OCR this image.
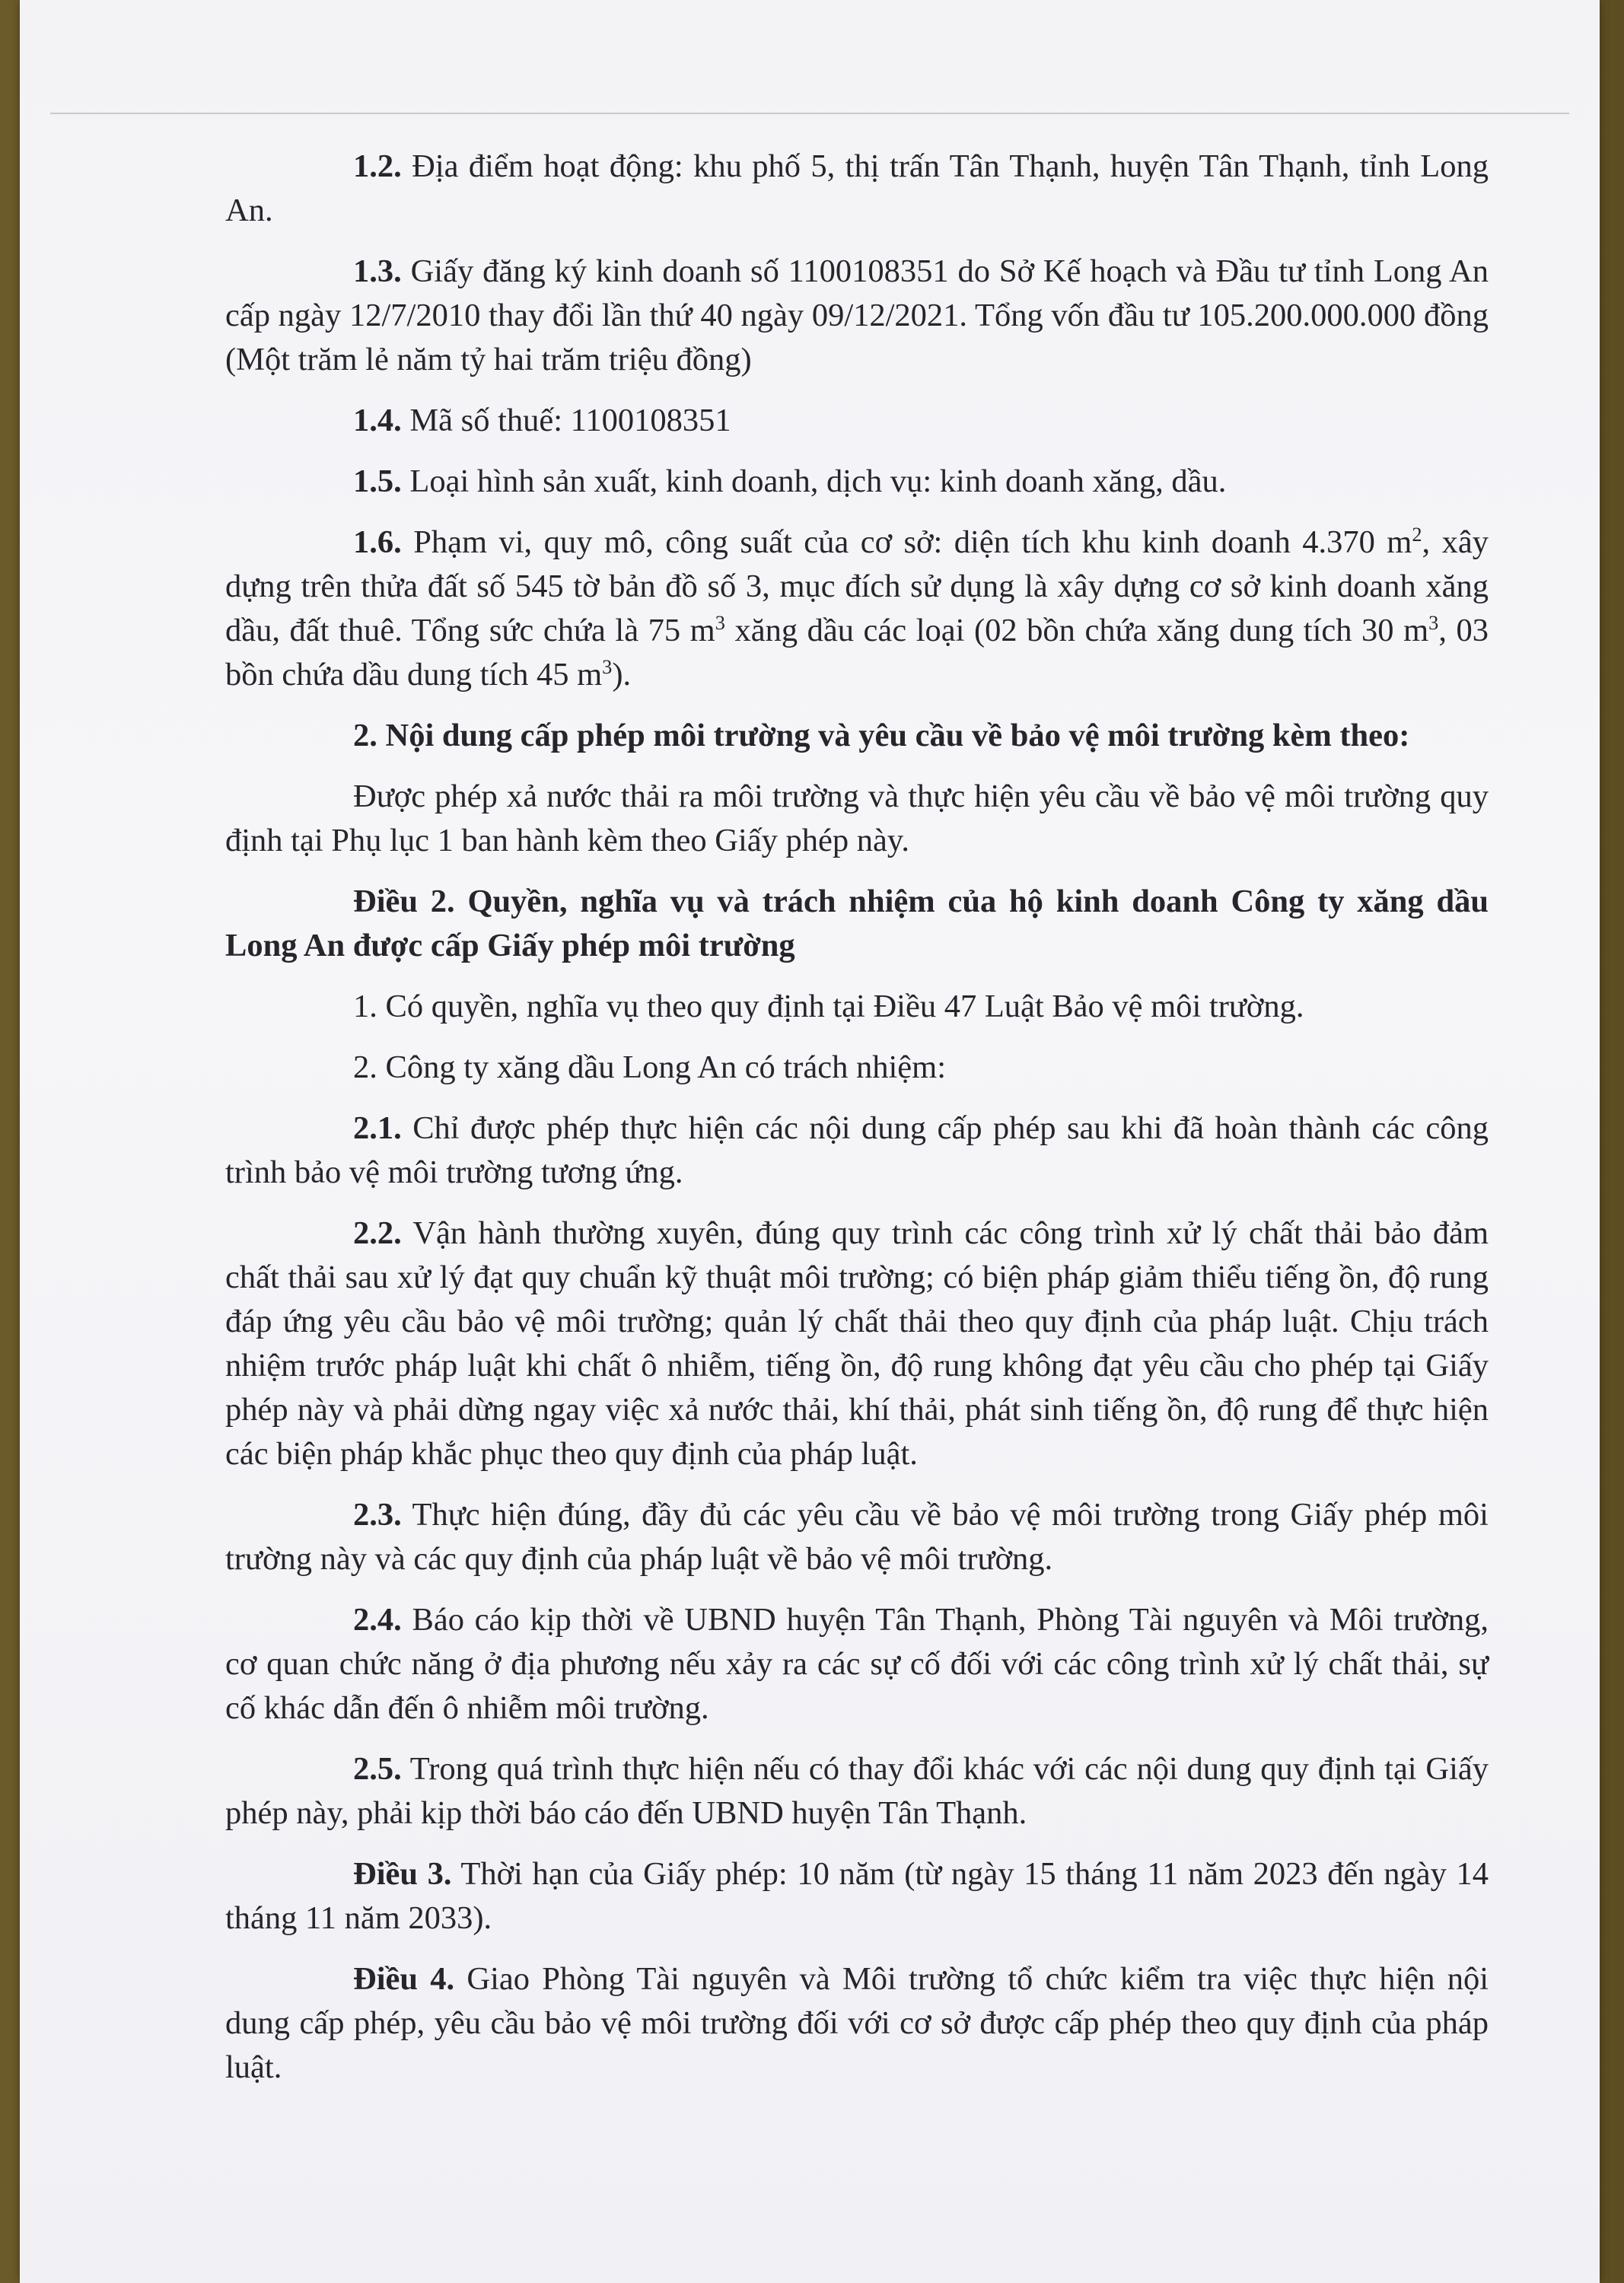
1.2. Địa điểm hoạt động: khu phố 5, thị trấn Tân Thạnh, huyện Tân Thạnh, tỉnh Long An.

1.3. Giấy đăng ký kinh doanh số 1100108351 do Sở Kế hoạch và Đầu tư tỉnh Long An cấp ngày 12/7/2010 thay đổi lần thứ 40 ngày 09/12/2021. Tổng vốn đầu tư 105.200.000.000 đồng (Một trăm lẻ năm tỷ hai trăm triệu đồng)

1.4. Mã số thuế: 1100108351

1.5. Loại hình sản xuất, kinh doanh, dịch vụ: kinh doanh xăng, dầu.

1.6. Phạm vi, quy mô, công suất của cơ sở: diện tích khu kinh doanh 4.370 $m^2$, xây dựng trên thửa đất số 545 tờ bản đồ số 3, mục đích sử dụng là xây dựng cơ sở kinh doanh xăng dầu, đất thuê. Tổng sức chứa là 75 $m^3$ xăng dầu các loại (02 bồn chứa xăng dung tích 30 $m^3$, 03 bồn chứa dầu dung tích 45 $m^3$).

2. Nội dung cấp phép môi trường và yêu cầu về bảo vệ môi trường kèm theo:

Được phép xả nước thải ra môi trường và thực hiện yêu cầu về bảo vệ môi trường quy định tại Phụ lục 1 ban hành kèm theo Giấy phép này.

Điều 2. Quyền, nghĩa vụ và trách nhiệm của hộ kinh doanh Công ty xăng dầu Long An được cấp Giấy phép môi trường

1. Có quyền, nghĩa vụ theo quy định tại Điều 47 Luật Bảo vệ môi trường.

2. Công ty xăng dầu Long An có trách nhiệm:

2.1. Chỉ được phép thực hiện các nội dung cấp phép sau khi đã hoàn thành các công trình bảo vệ môi trường tương ứng.

2.2. Vận hành thường xuyên, đúng quy trình các công trình xử lý chất thải bảo đảm chất thải sau xử lý đạt quy chuẩn kỹ thuật môi trường; có biện pháp giảm thiểu tiếng ồn, độ rung đáp ứng yêu cầu bảo vệ môi trường; quản lý chất thải theo quy định của pháp luật. Chịu trách nhiệm trước pháp luật khi chất ô nhiễm, tiếng ồn, độ rung không đạt yêu cầu cho phép tại Giấy phép này và phải dừng ngay việc xả nước thải, khí thải, phát sinh tiếng ồn, độ rung để thực hiện các biện pháp khắc phục theo quy định của pháp luật.

2.3. Thực hiện đúng, đầy đủ các yêu cầu về bảo vệ môi trường trong Giấy phép môi trường này và các quy định của pháp luật về bảo vệ môi trường.

2.4. Báo cáo kịp thời về UBND huyện Tân Thạnh, Phòng Tài nguyên và Môi trường, cơ quan chức năng ở địa phương nếu xảy ra các sự cố đối với các công trình xử lý chất thải, sự cố khác dẫn đến ô nhiễm môi trường.

2.5. Trong quá trình thực hiện nếu có thay đổi khác với các nội dung quy định tại Giấy phép này, phải kịp thời báo cáo đến UBND huyện Tân Thạnh.

Điều 3. Thời hạn của Giấy phép: 10 năm (từ ngày 15 tháng 11 năm 2023 đến ngày 14 tháng 11 năm 2033).

Điều 4. Giao Phòng Tài nguyên và Môi trường tổ chức kiểm tra việc thực hiện nội dung cấp phép, yêu cầu bảo vệ môi trường đối với cơ sở được cấp phép theo quy định của pháp luật.
